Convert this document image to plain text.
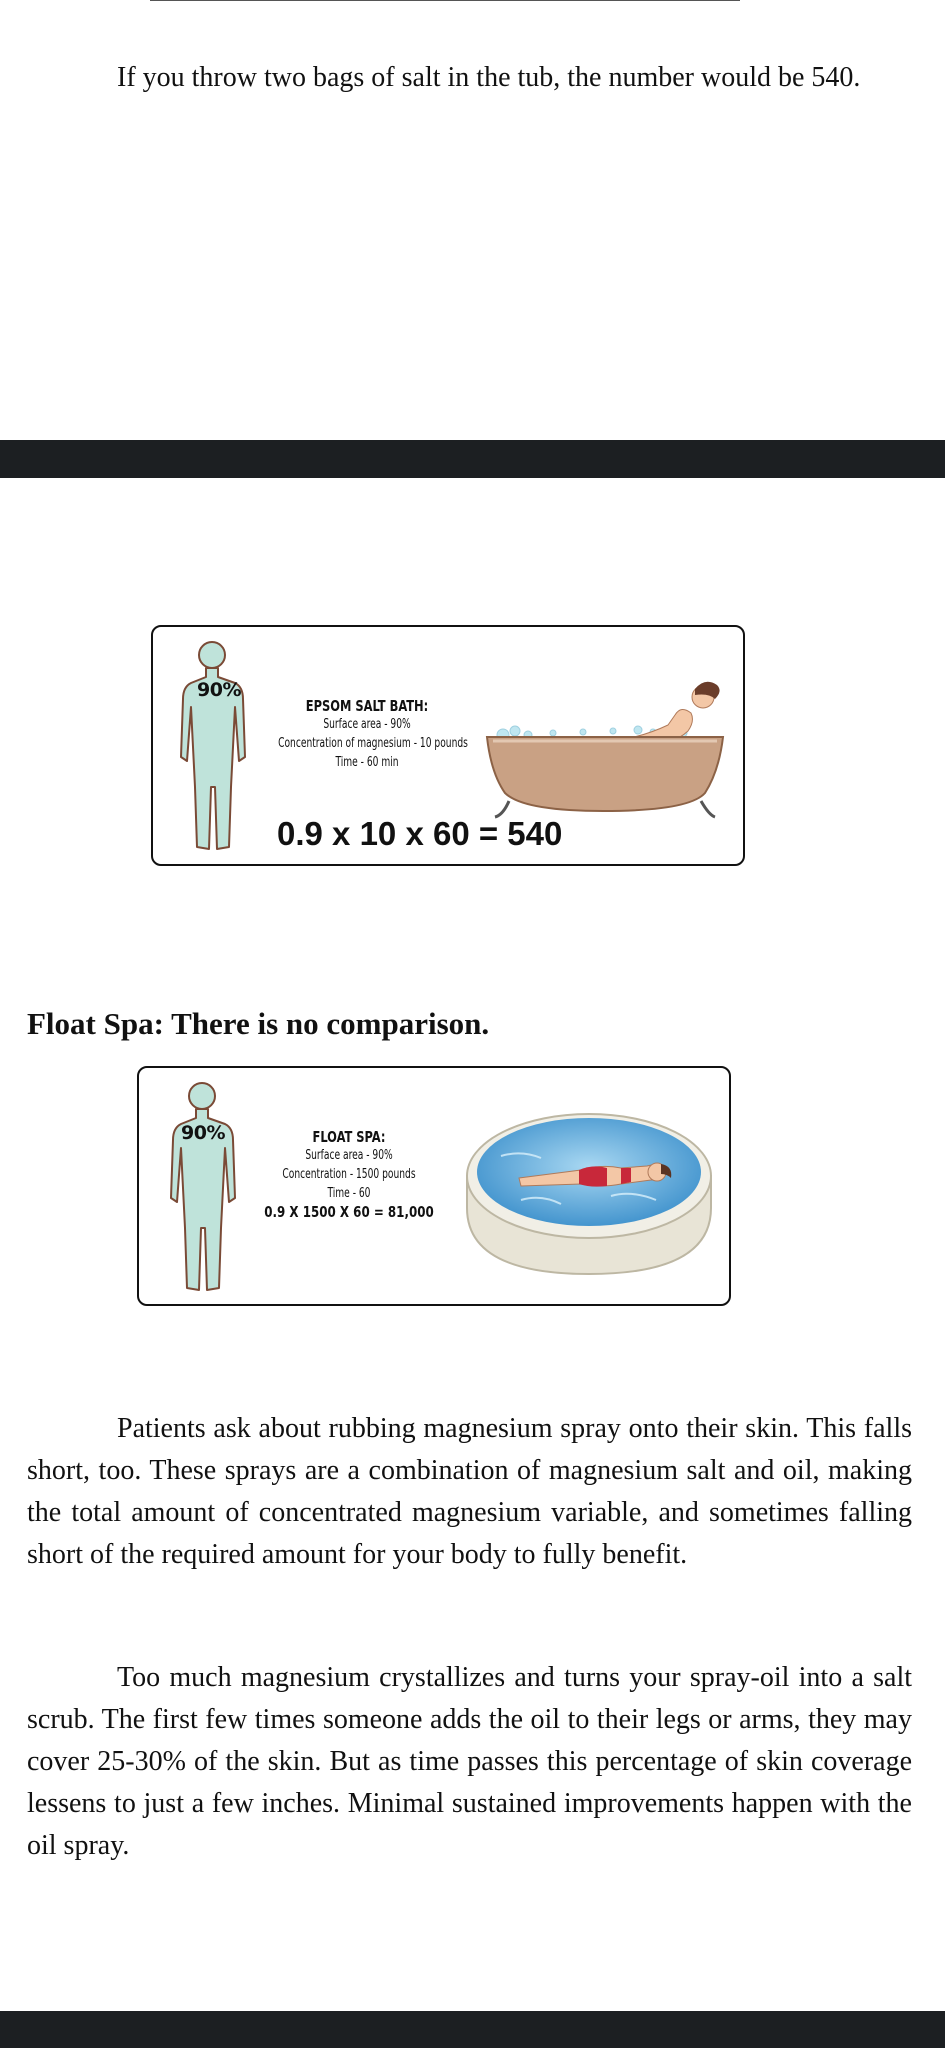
If you throw two bags of salt in the tub, the number would be 540.
90%
EPSOM SALT BATH:
Surface area - 90%
Concentration of magnesium - 10 pounds
Time - 60 min
0.9 x 10 x 60 = 540
Float Spa: There is no comparison.
90%	FLOAT SPA:
Surface area - 90%
Concentration - 1500 pounds
Time - 60
0.9 X 1500 X 60 = 81,000

Patients ask about rubbing magnesium spray onto their skin. This falls short, too. These sprays are a combination of magnesium salt and oil, making the total amount of concentrated magnesium variable, and sometimes falling short of the required amount for your body to fully benefit.

Too much magnesium crystallizes and turns your spray-oil into a salt scrub. The first few times someone adds the oil to their legs or arms, they may cover 25-30% of the skin. But as time passes this percentage of skin coverage lessens to just a few inches. Minimal sustained improvements happen with the oil spray.
